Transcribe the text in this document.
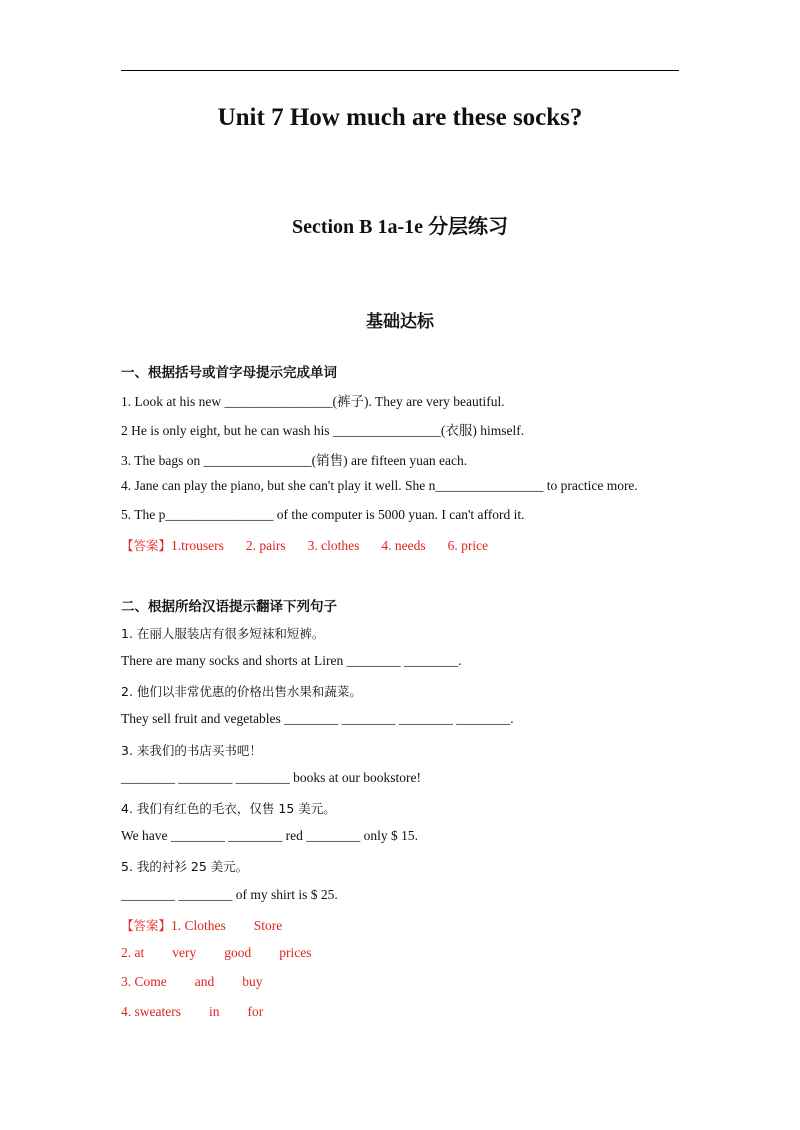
Unit 7 How much are these socks?
Section B 1a-1e 分层练习
基础达标
一、根据括号或首字母提示完成单词
1. Look at his new ________________(裤子). They are very beautiful.
2 He is only eight, but he can wash his ________________(衣服) himself.
3. The bags on ________________(销售) are fifteen yuan each.
4. Jane can play the piano, but she can't play it well. She n________________ to practice more.
5. The p________________ of the computer is 5000 yuan. I can't afford it.
【答案】1.trousers 2. pairs 3. clothes 4. needs 6. price
二、根据所给汉语提示翻译下列句子
1. 在丽人服装店有很多短袜和短裤。
There are many socks and shorts at Liren ________ ________.
2. 他们以非常优惠的价格出售水果和蔬菜。
They sell fruit and vegetables ________ ________ ________ ________.
3. 来我们的书店买书吧！
________ ________ ________ books at our bookstore!
4. 我们有红色的毛衣，仅售 15 美元。
We have ________ ________ red ________ only $ 15.
5. 我的衬衫 25 美元。
________ ________ of my shirt is $ 25.
【答案】1. Clothes Store
2. at very good prices
3. Come and buy
4. sweaters in for
